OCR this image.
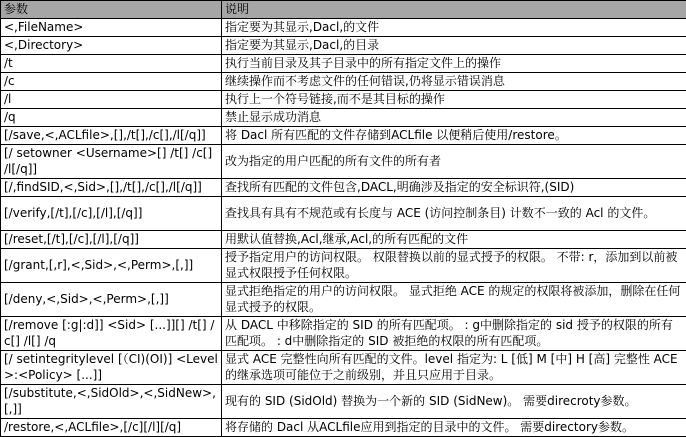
参数	说明
<,FileName>	指定要为其显示,Dacl,的文件
<,Directory>	指定要为其显示,Dacl,的目录
/t	执行当前目录及其子目录中的所有指定文件上的操作
/c	继续操作而不考虑文件的任何错误,仍将显示错误消息
/l	执行上一个符号链接,而不是其目标的操作
/q	禁止显示成功消息
[/save,<,ACLfile>,[],/t[],/c[],/l[/q]]	将 Dacl 所有匹配的文件存储到ACLfile 以便稍后使用/restore。
[/ setowner <Username>[] /t[] /c[] /l[/q]]	改为指定的用户匹配的所有文件的所有者
[/,findSID,<,Sid>,[],/t[],/c[],/l[/q]]	查找所有匹配的文件包含,DACL,明确涉及指定的安全标识符,(SID)
[/verify,[/t],[/c],[/l],[/q]]	查找具有具有不规范或有长度与 ACE (访问控制条目) 计数不一致的 Acl 的文件。
[/reset,[/t],[/c],[/l],[/q]]	用默认值替换,Acl,继承,Acl,的所有匹配的文件
[/grant,[,r],<,Sid>,<,Perm>,[,]]	授予指定用户的访问权限。 权限替换以前的显式授予的权限。 不带: r，添加到以前被显式权限授予任何权限。
[/deny,<,Sid>,<,Perm>,[,]]	显式拒绝指定的用户的访问权限。 显式拒绝 ACE 的规定的权限将被添加，删除在任何显式授予的权限。
[/remove [:g|:d]] <Sid> [...]][] /t[] /c[] /l[] /q	从 DACL 中移除指定的 SID 的所有匹配项。 : g中删除指定的 sid 授予的权限的所有匹配项。 : d中删除指定的 SID 被拒绝的权限的所有匹配项。
[/ setintegritylevel [（CI)(OI)] <Level>:<Policy> [...]]	显式 ACE 完整性向所有匹配的文件。level 指定为: L [低] M [中] H [高] 完整性 ACE 的继承选项可能位于之前级别，并且只应用于目录。
[/substitute,<,SidOld>,<,SidNew>,[,]]	现有的 SID (SidOld) 替换为一个新的 SID (SidNew)。 需要direcroty参数。
/restore,<,ACLfile>,[/c][/l][/q]	将存储的 Dacl 从ACLfile应用到指定的目录中的文件。 需要directory参数。
